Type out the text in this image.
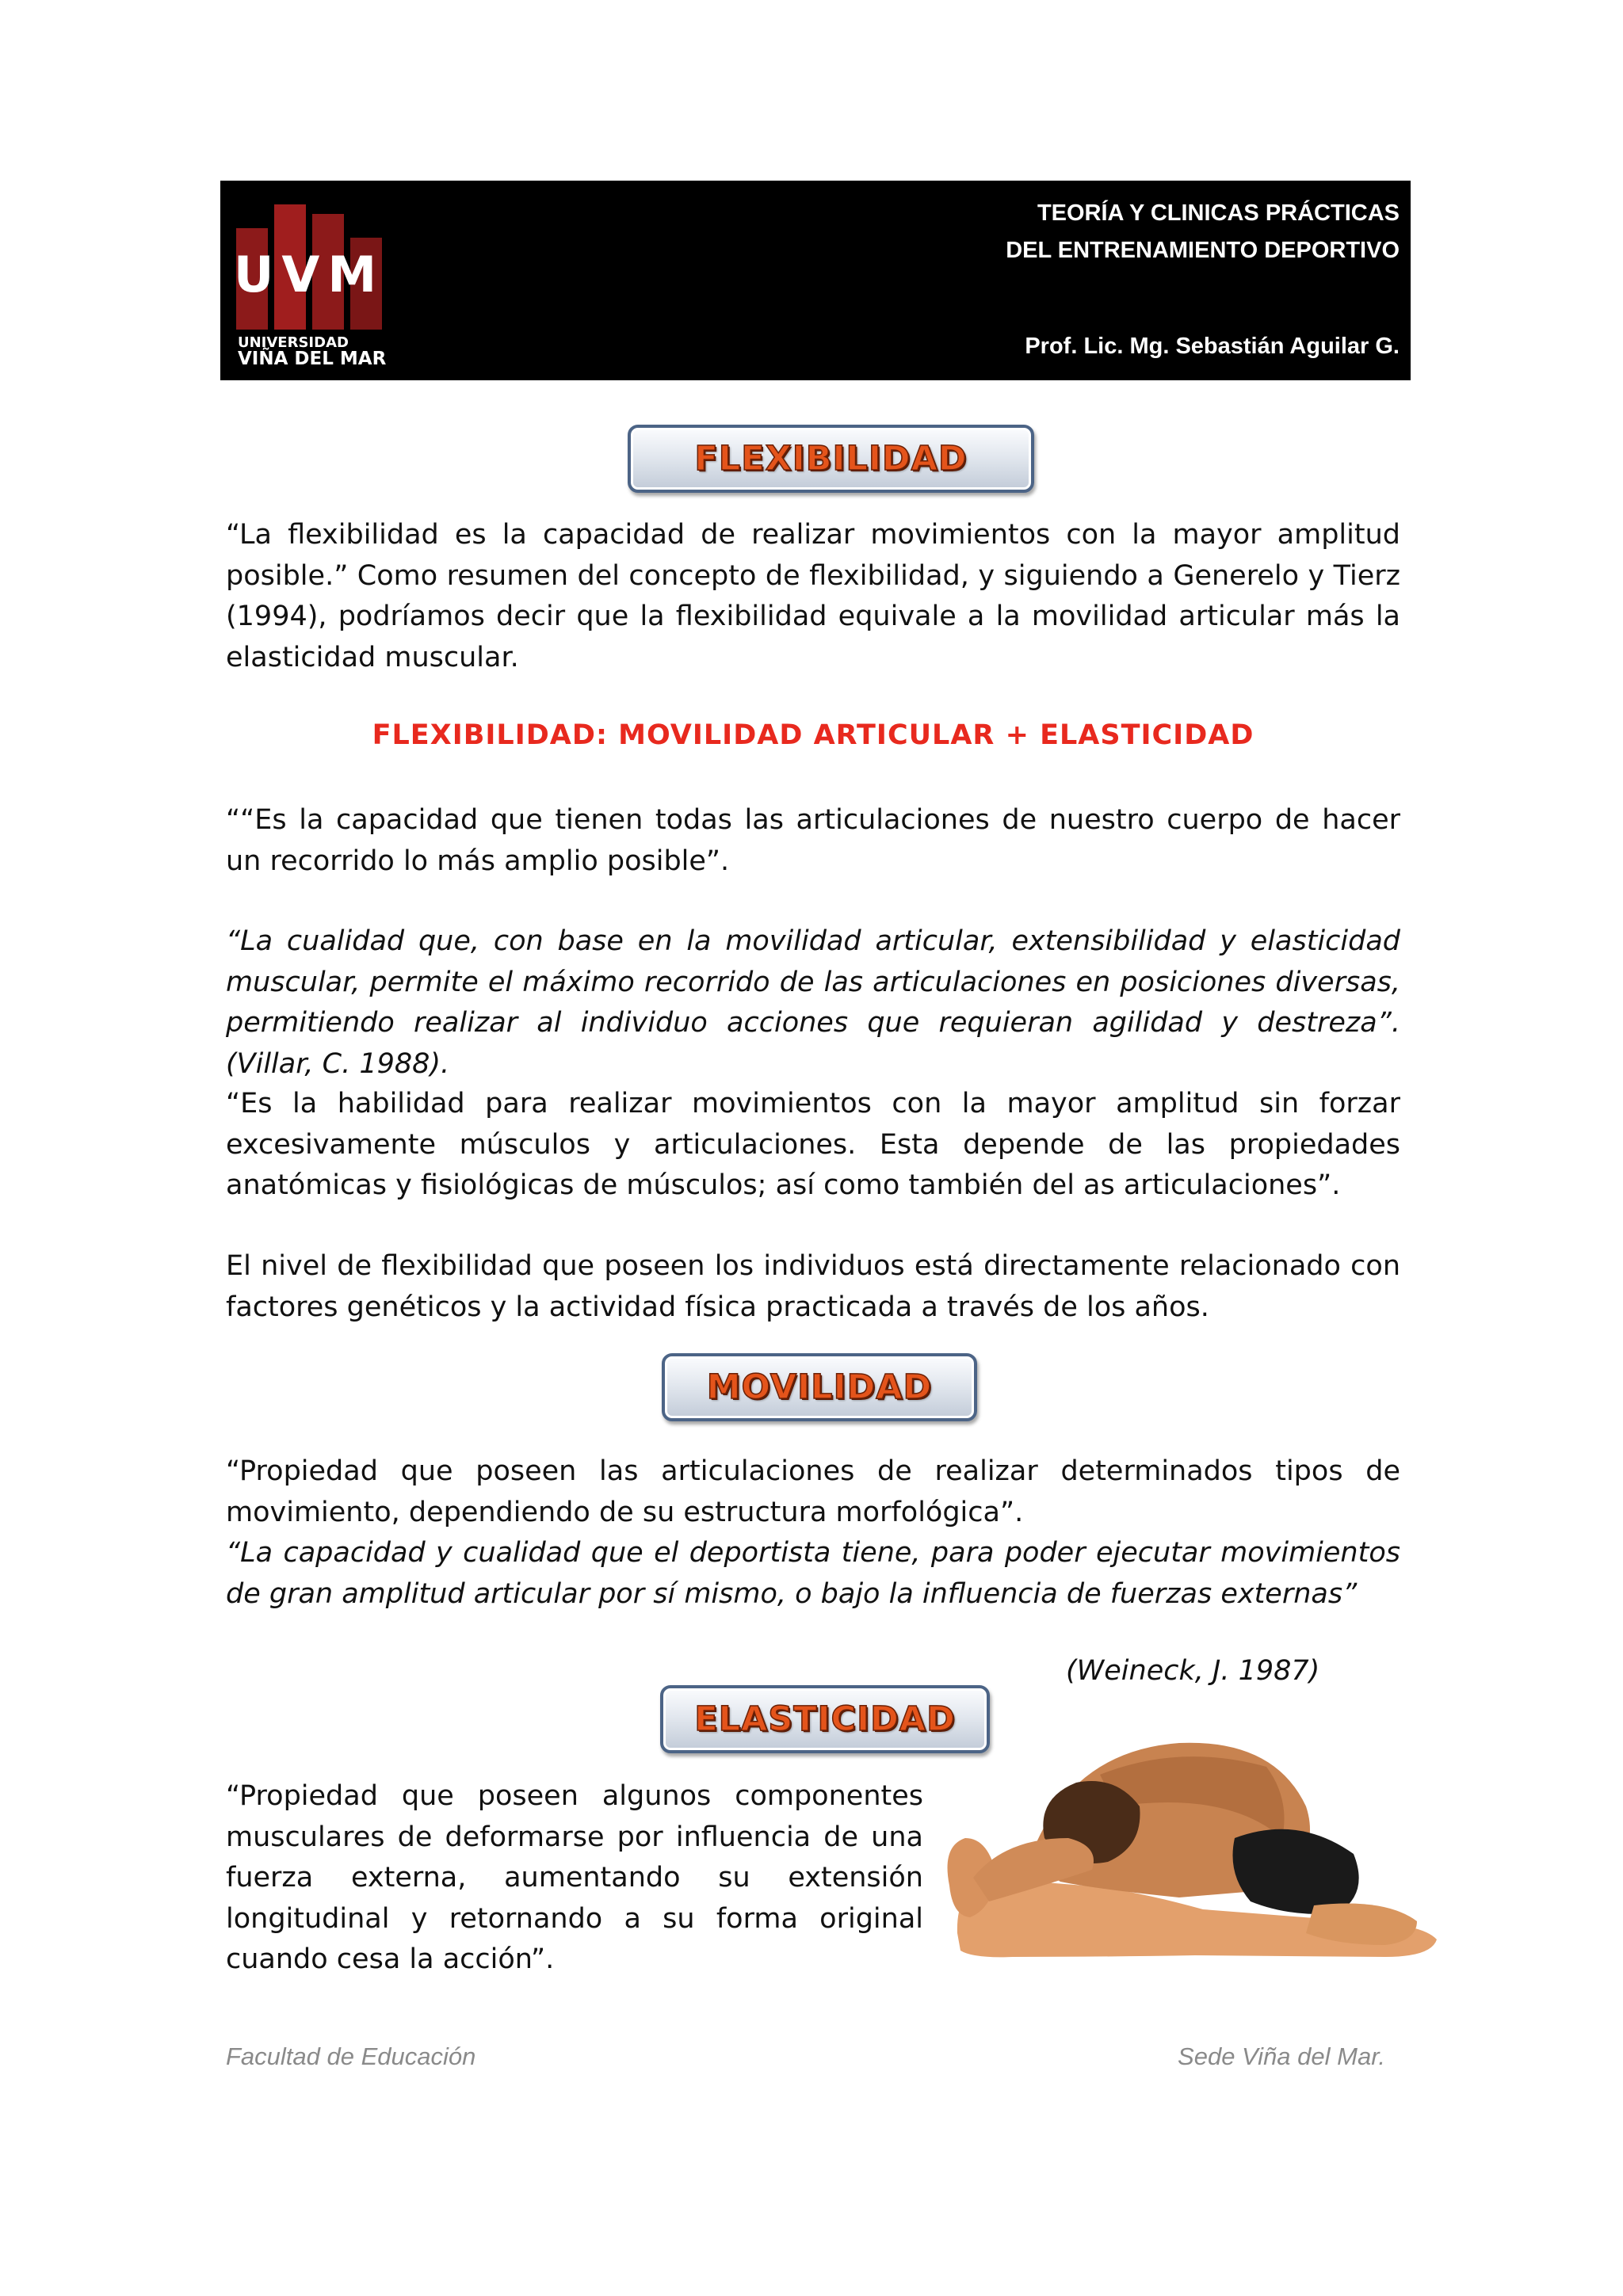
UVM
UNIVERSIDAD
VIÑA DEL MAR
TEORÍA Y CLINICAS PRÁCTICAS
DEL ENTRENAMIENTO DEPORTIVO
Prof. Lic. Mg. Sebastián Aguilar G.
FLEXIBILIDAD

“La flexibilidad es la capacidad de realizar movimientos con la mayor amplitud posible.” Como resumen del concepto de flexibilidad, y siguiendo a Generelo y Tierz (1994), podríamos decir que la flexibilidad equivale a la movilidad articular más la elasticidad muscular.

FLEXIBILIDAD: MOVILIDAD ARTICULAR + ELASTICIDAD

““Es la capacidad que tienen todas las articulaciones de nuestro cuerpo de hacer un recorrido lo más amplio posible”.

“La cualidad que, con base en la movilidad articular, extensibilidad y elasticidad muscular, permite el máximo recorrido de las articulaciones en posiciones diversas, permitiendo realizar al individuo acciones que requieran agilidad y destreza”. (Villar, C. 1988).

“Es la habilidad para realizar movimientos con la mayor amplitud sin forzar excesivamente músculos y articulaciones. Esta depende de las propiedades anatómicas y fisiológicas de músculos; así como también del as articulaciones”.

El nivel de flexibilidad que poseen los individuos está directamente relacionado con factores genéticos y la actividad física practicada a través de los años.

MOVILIDAD

“Propiedad que poseen las articulaciones de realizar determinados tipos de movimiento, dependiendo de su estructura morfológica”.

“La capacidad y cualidad que el deportista tiene, para poder ejecutar movimientos de gran amplitud articular por sí mismo, o bajo la influencia de fuerzas externas”

(Weineck, J. 1987)
ELASTICIDAD

“Propiedad que poseen algunos componentes musculares de deformarse por influencia de una fuerza externa, aumentando su extensión longitudinal y retornando a su forma original cuando cesa la acción”.

Facultad de Educación	Sede Viña del Mar.
